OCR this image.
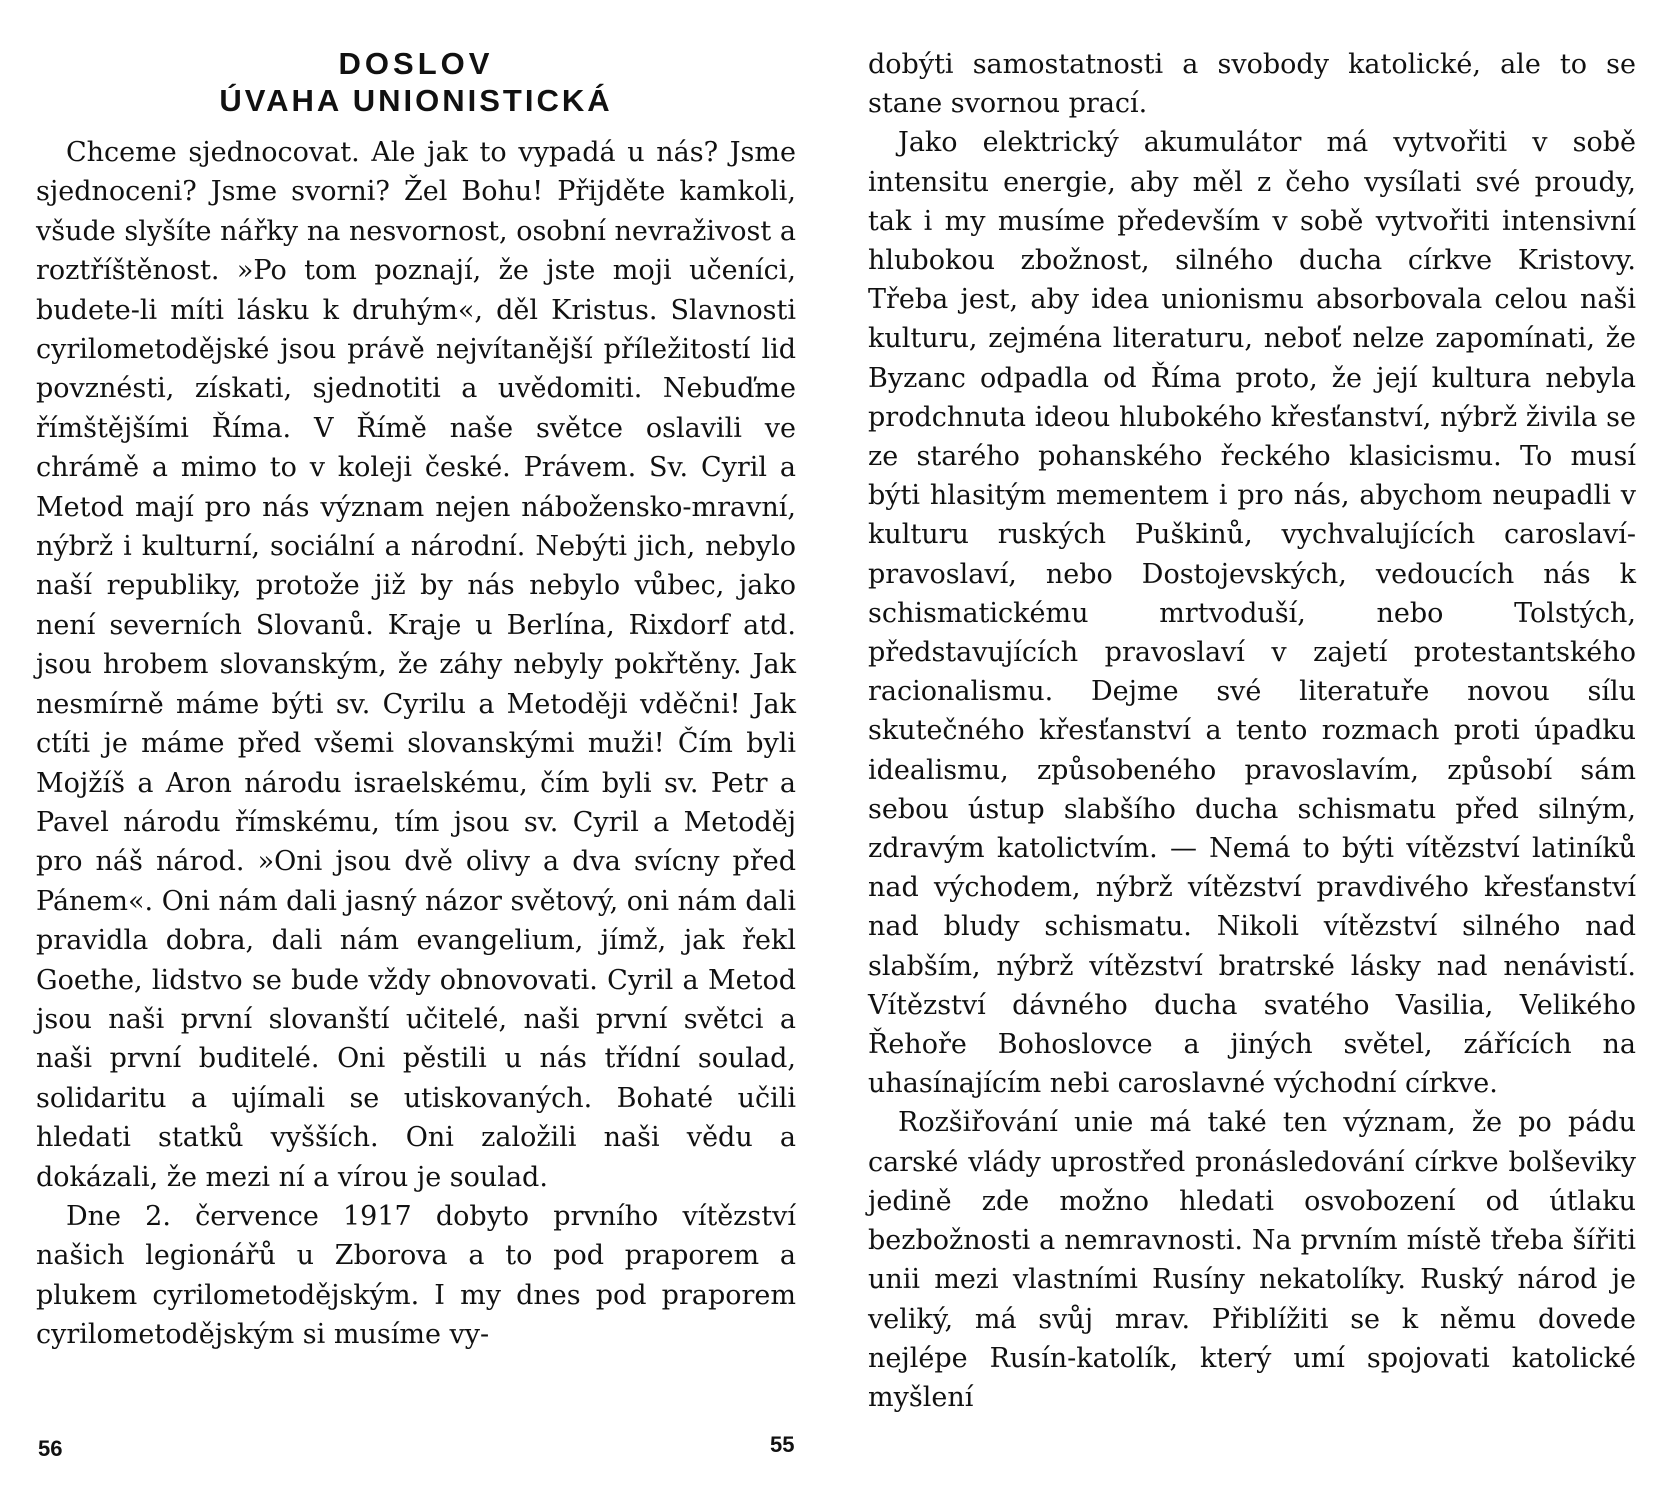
DOSLOV
ÚVAHA UNIONISTICKÁ

Chceme sjednocovat. Ale jak to vypadá u nás? Jsme sjednoceni? Jsme svorni? Žel Bohu! Přijděte kamkoli, všude slyšíte nářky na nesvornost, osobní nevraživost a roztříštěnost. »Po tom poznají, že jste moji učeníci, budete-li míti lásku k druhým«, děl Kristus. Slavnosti cyrilometodějské jsou právě nejvítanější příležitostí lid povznésti, získati, sjednotiti a uvědomiti. Nebuďme římštějšími Říma. V Římě naše světce oslavili ve chrámě a mimo to v koleji české. Právem. Sv. Cyril a Metod mají pro nás význam nejen nábožensko-mravní, nýbrž i kulturní, sociální a národní. Nebýti jich, nebylo naší republiky, protože již by nás nebylo vůbec, jako není severních Slovanů. Kraje u Berlína, Rixdorf atd. jsou hrobem slovanským, že záhy nebyly pokřtěny. Jak nesmírně máme býti sv. Cyrilu a Metoději vděčni! Jak ctíti je máme před všemi slovanskými muži! Čím byli Mojžíš a Aron národu israelskému, čím byli sv. Petr a Pavel národu římskému, tím jsou sv. Cyril a Metoděj pro náš národ. »Oni jsou dvě olivy a dva svícny před Pánem«. Oni nám dali jasný názor světový, oni nám dali pravidla dobra, dali nám evangelium, jímž, jak řekl Goethe, lidstvo se bude vždy obnovovati. Cyril a Metod jsou naši první slovanští učitelé, naši první světci a naši první buditelé. Oni pěstili u nás třídní soulad, solidaritu a ujímali se utiskovaných. Bohaté učili hledati statků vyšších. Oni založili naši vědu a dokázali, že mezi ní a vírou je soulad.

Dne 2. července 1917 dobyto prvního vítězství našich legionářů u Zborova a to pod praporem a plukem cyrilometodějským. I my dnes pod praporem cyrilometodějským si musíme vy-

55

dobýti samostatnosti a svobody katolické, ale to se stane svornou prací.

Jako elektrický akumulátor má vytvořiti v sobě intensitu energie, aby měl z čeho vysílati své proudy, tak i my musíme především v sobě vytvořiti intensivní hlubokou zbožnost, silného ducha církve Kristovy. Třeba jest, aby idea unionismu absorbovala celou naši kulturu, zejména literaturu, neboť nelze zapomínati, že Byzanc odpadla od Říma proto, že její kultura nebyla prodchnuta ideou hlubokého křesťanství, nýbrž živila se ze starého pohanského řeckého klasicismu. To musí býti hlasitým mementem i pro nás, abychom neupadli v kulturu ruských Puškinů, vychvalujících caroslaví-pravoslaví, nebo Dostojevských, vedoucích nás k schismatickému mrtvoduší, nebo Tolstých, představujících pravoslaví v zajetí protestantského racionalismu. Dejme své literatuře novou sílu skutečného křesťanství a tento rozmach proti úpadku idealismu, způsobeného pravoslavím, způsobí sám sebou ústup slabšího ducha schismatu před silným, zdravým katolictvím. — Nemá to býti vítězství latiníků nad východem, nýbrž vítězství pravdivého křesťanství nad bludy schismatu. Nikoli vítězství silného nad slabším, nýbrž vítězství bratrské lásky nad nenávistí. Vítězství dávného ducha svatého Vasilia, Velikého Řehoře Bohoslovce a jiných světel, zářících na uhasínajícím nebi caroslavné východní církve.

Rozšiřování unie má také ten význam, že po pádu carské vlády uprostřed pronásledování církve bolševiky jedině zde možno hledati osvobození od útlaku bezbožnosti a nemravnosti. Na prvním místě třeba šířiti unii mezi vlastními Rusíny nekatolíky. Ruský národ je veliký, má svůj mrav. Přiblížiti se k němu dovede nejlépe Rusín-katolík, který umí spojovati katolické myšlení

56
